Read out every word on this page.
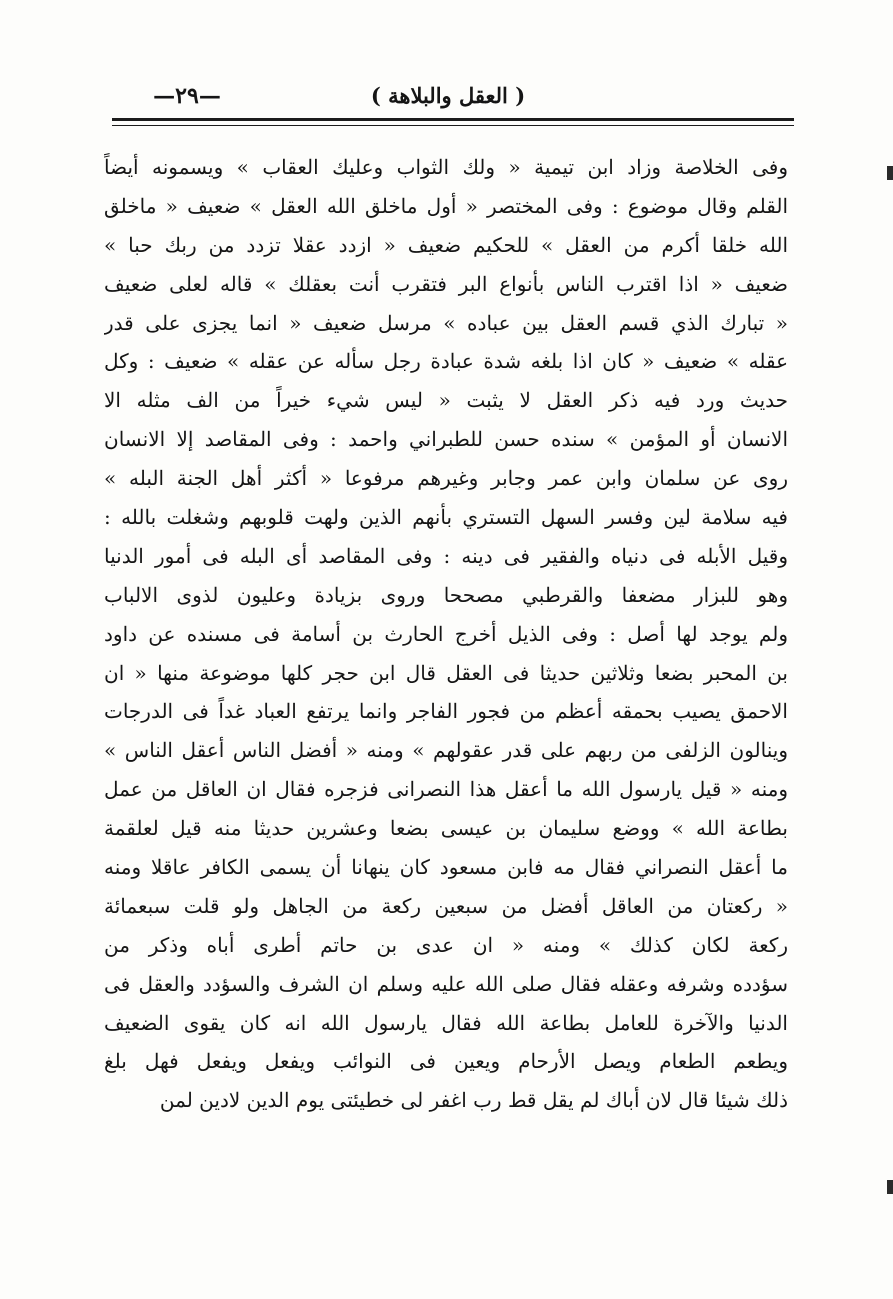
( العقل والبلاهة )
—٢٩—
وفى الخلاصة وزاد ابن تيمية « ولك الثواب وعليك العقاب » ويسمونه أيضاً
القلم وقال موضوع : وفى المختصر « أول ماخلق الله العقل » ضعيف « ماخلق
الله خلقا أكرم من العقل » للحكيم ضعيف « ازدد عقلا تزدد من ربك حبا »
ضعيف « اذا اقترب الناس بأنواع البر فتقرب أنت بعقلك » قاله لعلى ضعيف
« تبارك الذي قسم العقل بين عباده » مرسل ضعيف « انما يجزى على قدر
عقله » ضعيف « كان اذا بلغه شدة عبادة رجل سأله عن عقله » ضعيف : وكل
حديث ورد فيه ذكر العقل لا يثبت « ليس شيء خيراً من الف مثله الا
الانسان أو المؤمن » سنده حسن للطبراني واحمد : وفى المقاصد إلا الانسان
روى عن سلمان وابن عمر وجابر وغيرهم مرفوعا « أكثر أهل الجنة البله »
فيه سلامة لين وفسر السهل التستري بأنهم الذين ولهت قلوبهم وشغلت بالله :
وقيل الأبله فى دنياه والفقير فى دينه : وفى المقاصد أى البله فى أمور الدنيا
وهو للبزار مضعفا والقرطبي مصححا وروى بزيادة وعليون لذوى الالباب
ولم يوجد لها أصل : وفى الذيل أخرج الحارث بن أسامة فى مسنده عن داود
بن المحبر بضعا وثلاثين حديثا فى العقل قال ابن حجر كلها موضوعة منها « ان
الاحمق يصيب بحمقه أعظم من فجور الفاجر وانما يرتفع العباد غداً فى الدرجات
وينالون الزلفى من ربهم على قدر عقولهم » ومنه « أفضل الناس أعقل الناس »
ومنه « قيل يارسول الله ما أعقل هذا النصرانى فزجره فقال ان العاقل من عمل
بطاعة الله » ووضع سليمان بن عيسى بضعا وعشرين حديثا منه قيل لعلقمة
ما أعقل النصراني فقال مه فابن مسعود كان ينهانا أن يسمى الكافر عاقلا ومنه
« ركعتان من العاقل أفضل من سبعين ركعة من الجاهل ولو قلت سبعمائة
ركعة لكان كذلك » ومنه « ان عدى بن حاتم أطرى أباه وذكر من
سؤدده وشرفه وعقله فقال صلى الله عليه وسلم ان الشرف والسؤدد والعقل فى
الدنيا والآخرة للعامل بطاعة الله فقال يارسول الله انه كان يقوى الضعيف
ويطعم الطعام ويصل الأرحام ويعين فى النوائب ويفعل ويفعل فهل بلغ
ذلك شيئا قال لان أباك لم يقل قط رب اغفر لى خطيئتى يوم الدين لادين لمن
